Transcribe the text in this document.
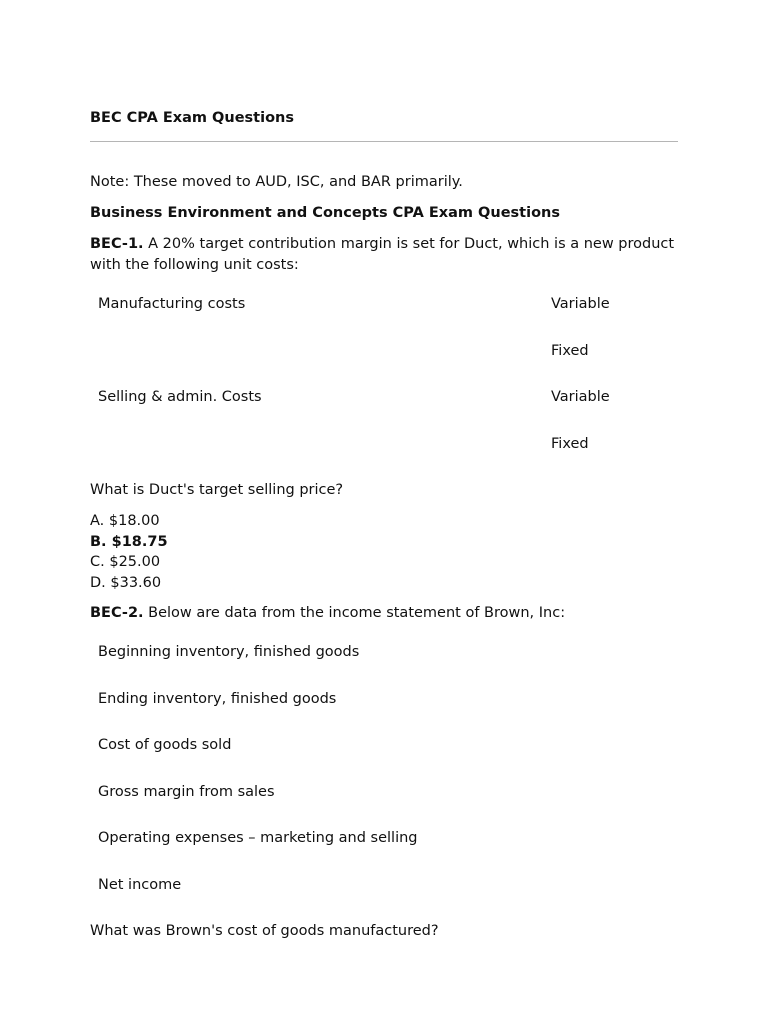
BEC CPA Exam Questions

Note: These moved to AUD, ISC, and BAR primarily.

Business Environment and Concepts CPA Exam Questions

BEC-1. A 20% target contribution margin is set for Duct, which is a new product with the following unit costs:

Manufacturing costs	Variable
	Fixed
Selling & admin. Costs	Variable
	Fixed

What is Duct's target selling price?

A. $18.00
B. $18.75
C. $25.00
D. $33.60

BEC-2. Below are data from the income statement of Brown, Inc:

Beginning inventory, finished goods
Ending inventory, finished goods
Cost of goods sold
Gross margin from sales
Operating expenses – marketing and selling
Net income

What was Brown's cost of goods manufactured?
